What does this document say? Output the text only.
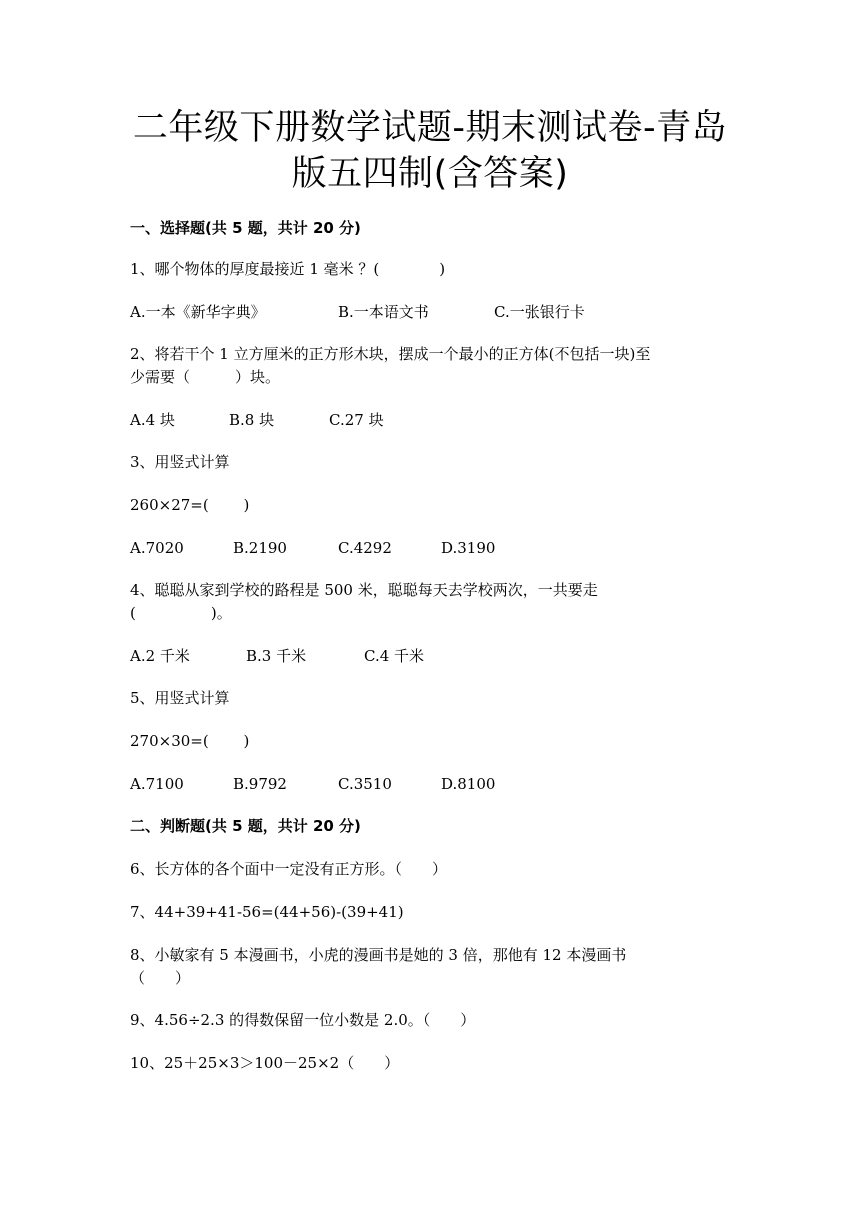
二年级下册数学试题-期末测试卷-青岛
版五四制(含答案)
一、选择题(共 5 题，共计 20 分)
1、哪个物体的厚度最接近 1 毫米 ？(　　　　)
A.一本《新华字典》	B.一本语文书	C.一张银行卡
2、将若干个 1 立方厘米的正方形木块，摆成一个最小的正方体(不包括一块)至
少需要（　　　）块。
A.4 块	B.8 块	C.27 块
3、用竖式计算
260×27=(　　 )
A.7020	B.2190	C.4292	D.3190
4、聪聪从家到学校的路程是 500 米，聪聪每天去学校两次，一共要走
(　　　　　)。
A.2 千米	B.3 千米	C.4 千米
5、用竖式计算
270×30=(　　 )
A.7100	B.9792	C.3510	D.8100
二、判断题(共 5 题，共计 20 分)
6、长方体的各个面中一定没有正方形。（　　）
7、44+39+41-56=(44+56)-(39+41)
8、小敏家有 5 本漫画书，小虎的漫画书是她的 3 倍，那他有 12 本漫画书
（　　）
9、4.56÷2.3 的得数保留一位小数是 2.0。（　　）
10、25＋25×3＞100－25×2（　　）
